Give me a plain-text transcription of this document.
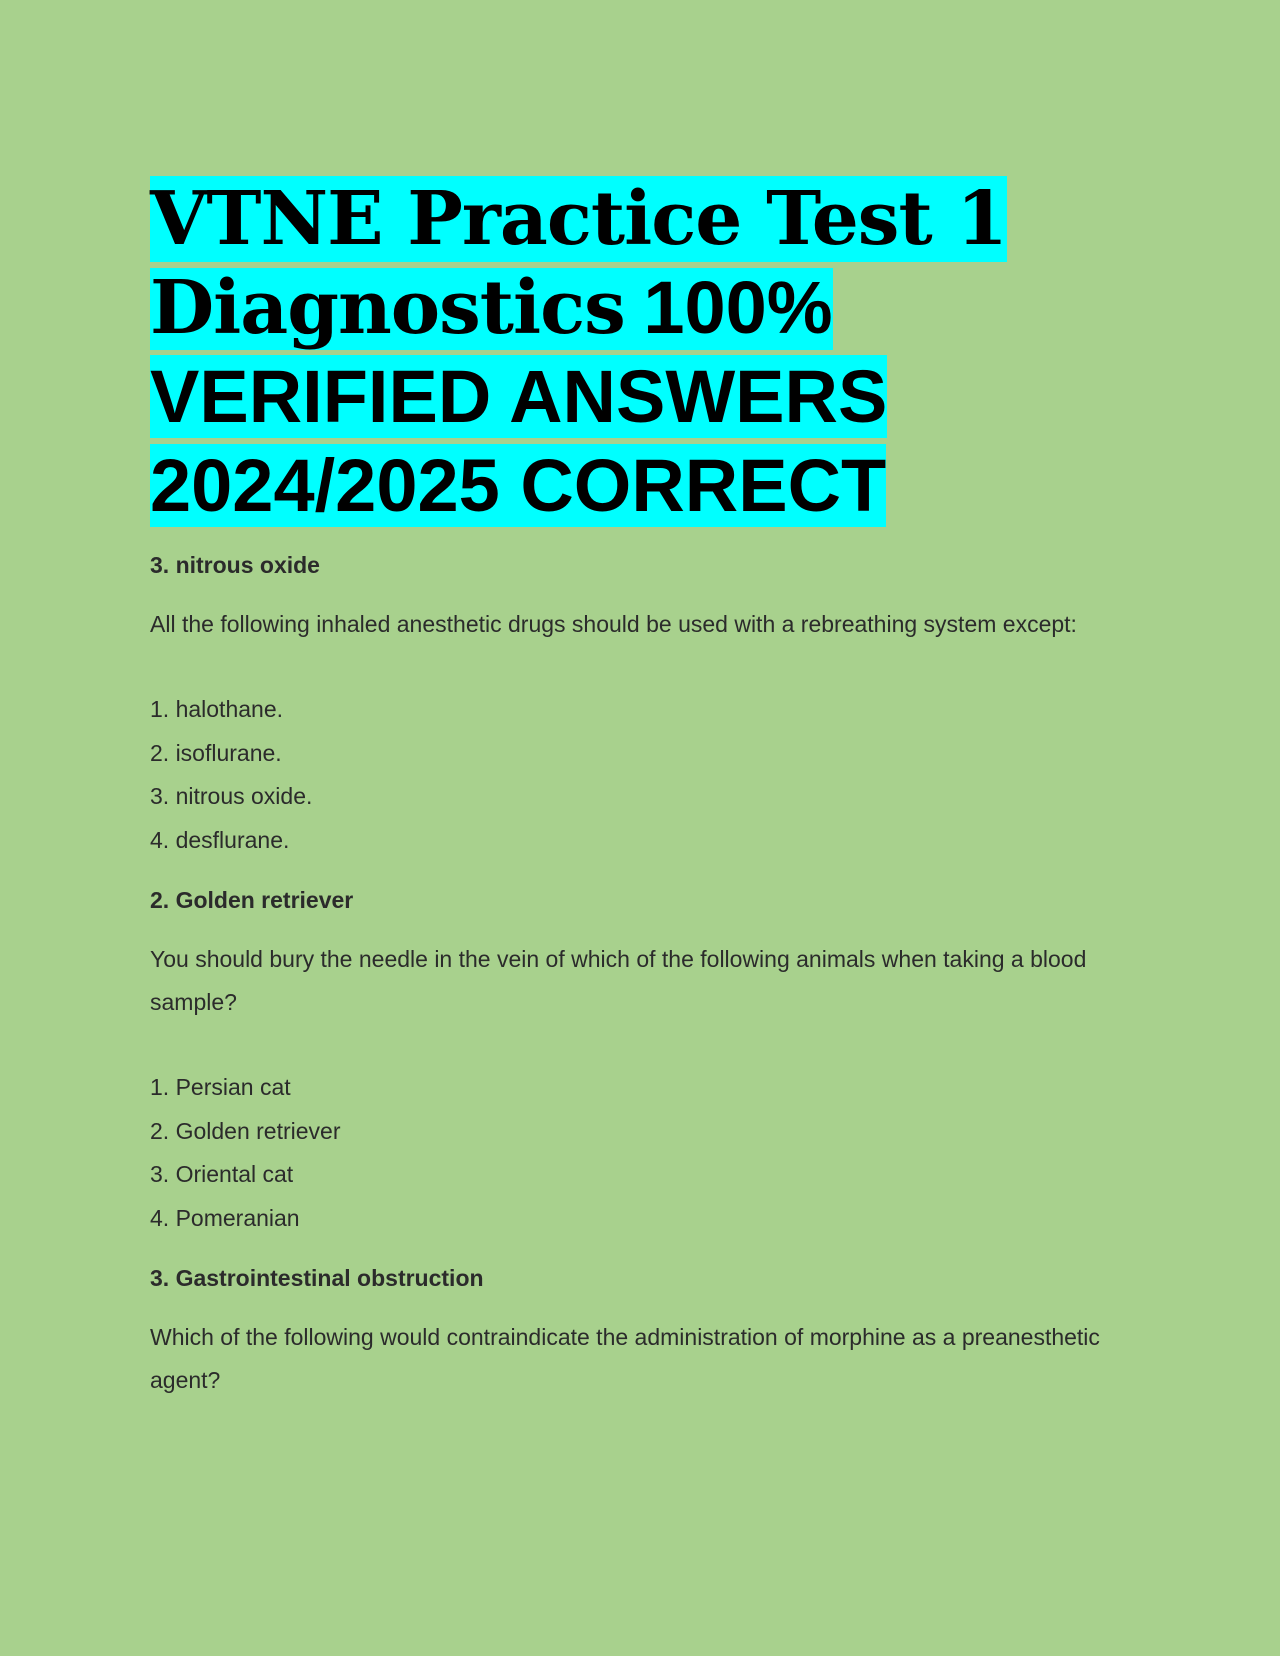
VTNE Practice Test 1
Diagnostics 100%
VERIFIED ANSWERS
2024/2025 CORRECT

3. nitrous oxide

All the following inhaled anesthetic drugs should be used with a rebreathing system except:

1. halothane.
2. isoflurane.
3. nitrous oxide.
4. desflurane.

2. Golden retriever

You should bury the needle in the vein of which of the following animals when taking a blood sample?

1. Persian cat
2. Golden retriever
3. Oriental cat
4. Pomeranian

3. Gastrointestinal obstruction

Which of the following would contraindicate the administration of morphine as a preanesthetic agent?
